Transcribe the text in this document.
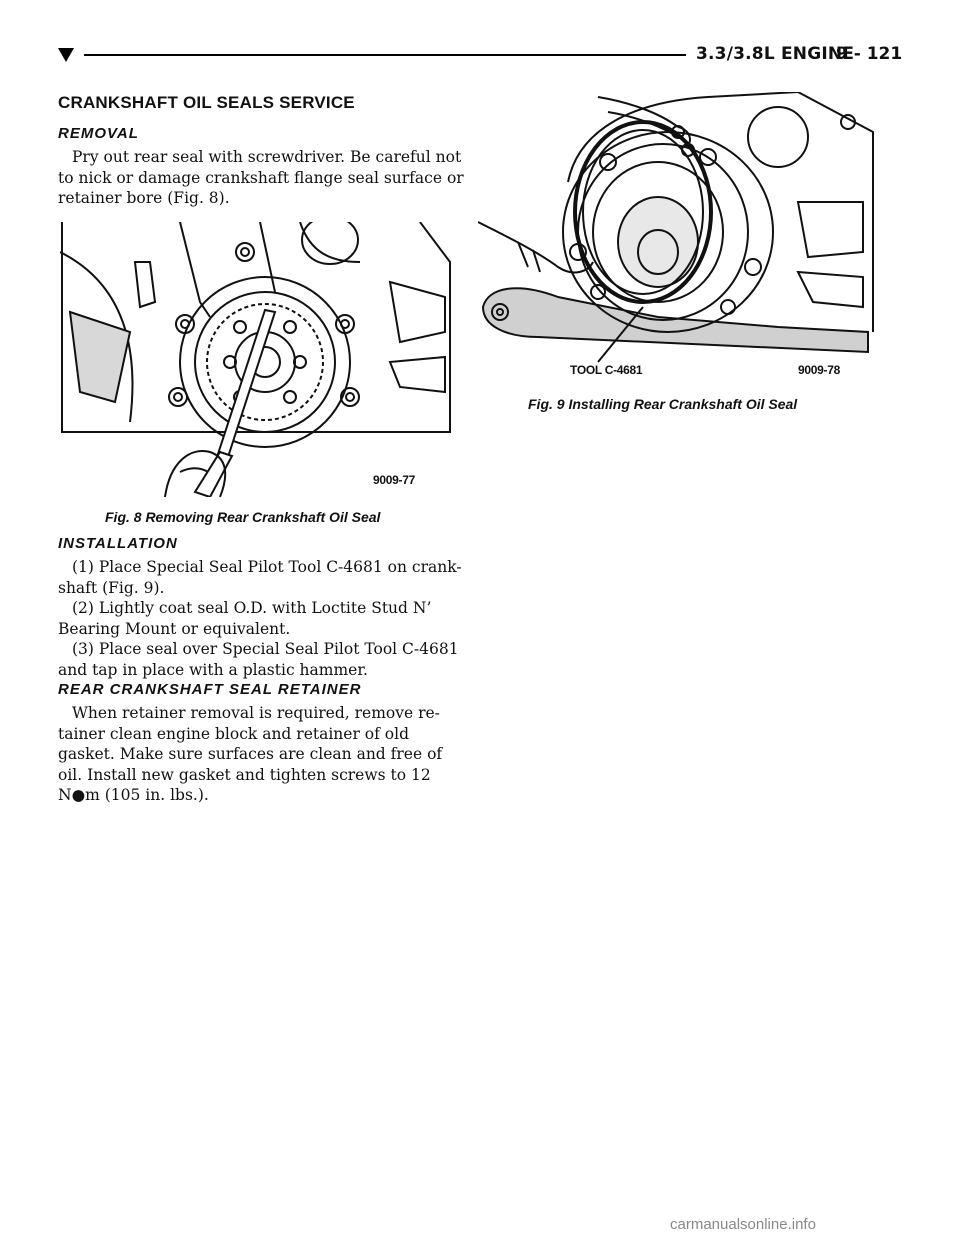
3.3/3.8L ENGINE
9 - 121
CRANKSHAFT OIL SEALS SERVICE
REMOVAL

Pry out rear seal with screwdriver. Be careful not to nick or damage crankshaft flange seal surface or retainer bore (Fig. 8).

9009-77
Fig. 8 Removing Rear Crankshaft Oil Seal
INSTALLATION

(1) Place Special Seal Pilot Tool C-4681 on crank-shaft (Fig. 9).

(2) Lightly coat seal O.D. with Loctite Stud N’ Bearing Mount or equivalent.

(3) Place seal over Special Seal Pilot Tool C-4681 and tap in place with a plastic hammer.

REAR CRANKSHAFT SEAL RETAINER

When retainer removal is required, remove re-tainer clean engine block and retainer of old gasket. Make sure surfaces are clean and free of oil. Install new gasket and tighten screws to 12 N●m (105 in. lbs.).

TOOL C-4681	9009-78
Fig. 9 Installing Rear Crankshaft Oil Seal
carmanualsonline.info
